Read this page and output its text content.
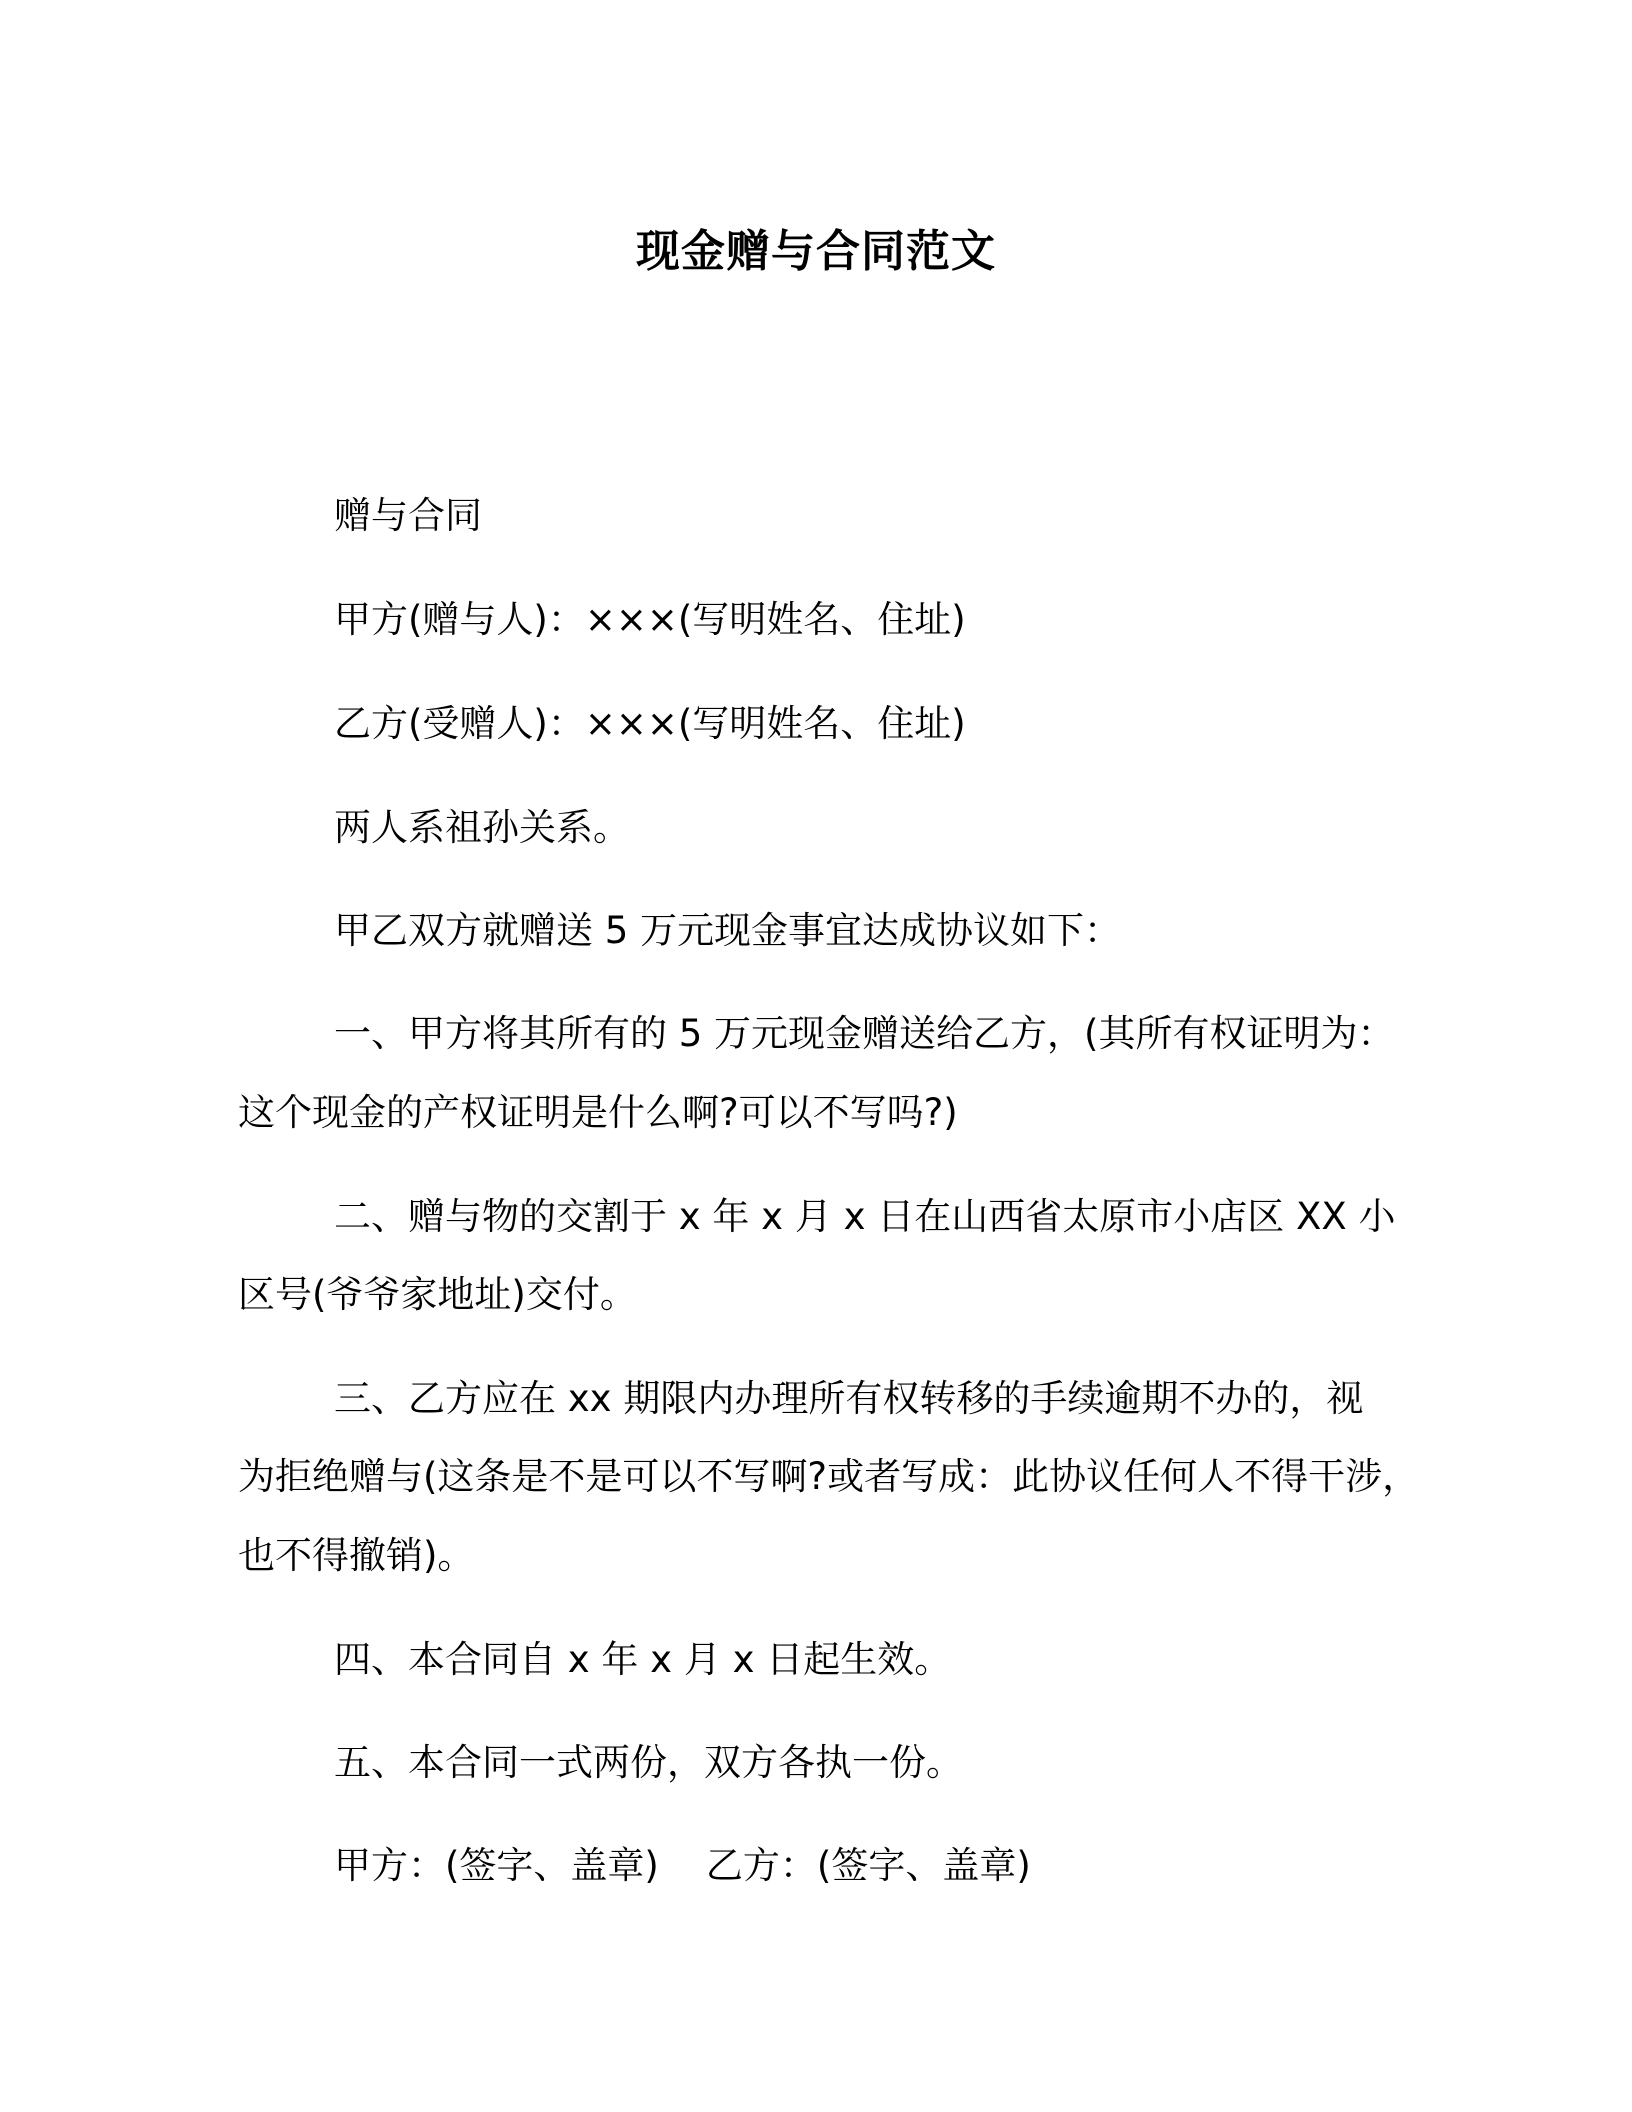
现金赠与合同范文
赠与合同
甲方(赠与人)：×××(写明姓名、住址)
乙方(受赠人)：×××(写明姓名、住址)
两人系祖孙关系。
甲乙双方就赠送 5 万元现金事宜达成协议如下：
一、甲方将其所有的 5 万元现金赠送给乙方，(其所有权证明为：
这个现金的产权证明是什么啊?可以不写吗?)
二、赠与物的交割于 x 年 x 月 x 日在山西省太原市小店区 XX 小
区号(爷爷家地址)交付。
三、乙方应在 xx 期限内办理所有权转移的手续逾期不办的，视
为拒绝赠与(这条是不是可以不写啊?或者写成：此协议任何人不得干涉，
也不得撤销)。
四、本合同自 x 年 x 月 x 日起生效。
五、本合同一式两份，双方各执一份。
甲方：(签字、盖章)    乙方：(签字、盖章)
